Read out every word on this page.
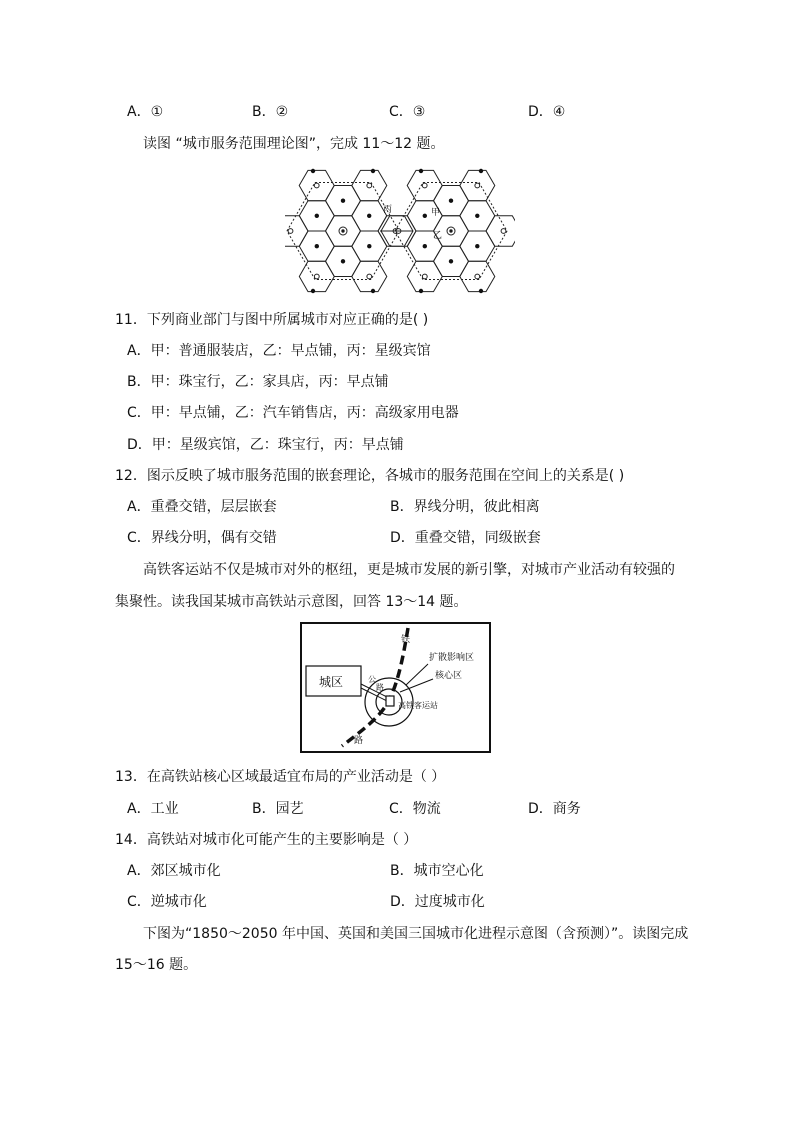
A．①	B．②	C．③	D．④
读图 “城市服务范围理论图”，完成 11～12 题。
丙	甲
乙
11．下列商业部门与图中所属城市对应正确的是( )
A．甲：普通服装店，乙：早点铺，丙：星级宾馆
B．甲：珠宝行，乙：家具店，丙：早点铺
C．甲：早点铺，乙：汽车销售店，丙：高级家用电器
D．甲：星级宾馆，乙：珠宝行，丙：早点铺
12．图示反映了城市服务范围的嵌套理论，各城市的服务范围在空间上的关系是( )
A．重叠交错，层层嵌套	B．界线分明，彼此相离
C．界线分明，偶有交错	D．重叠交错，同级嵌套
高铁客运站不仅是城市对外的枢纽，更是城市发展的新引擎，对城市产业活动有较强的
集聚性。读我国某城市高铁站示意图，回答 13～14 题。
城区
铁
路
公
路
扩散影响区
核心区
高铁客运站
13．在高铁站核心区域最适宜布局的产业活动是（ ）
A．工业	B．园艺	C．物流	D．商务
14．高铁站对城市化可能产生的主要影响是（ ）
A．郊区城市化	B．城市空心化
C．逆城市化	D．过度城市化
下图为“1850～2050 年中国、英国和美国三国城市化进程示意图（含预测）”。读图完成
15～16 题。
